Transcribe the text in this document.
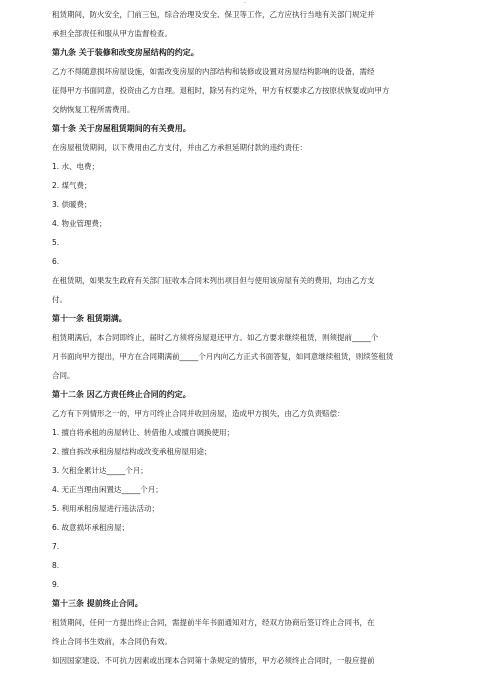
·
租赁期间，防火安全，门前三包，综合治理及安全、保卫等工作，乙方应执行当地有关部门规定并
承担全部责任和服从甲方监督检查。
第九条 关于装修和改变房屋结构的约定。
乙方不得随意损坏房屋设施，如需改变房屋的内部结构和装修或设置对房屋结构影响的设备，需经
征得甲方书面同意，投资由乙方自理。退租时，除另有约定外，甲方有权要求乙方按原状恢复或向甲方
交纳恢复工程所需费用。
第十条 关于房屋租赁期间的有关费用。
在房屋租赁期间，以下费用由乙方支付，并由乙方承担延期付款的违约责任：
1. 水、电费；
2. 煤气费；
3. 供暖费；
4. 物业管理费；
5.
6.
在租赁期，如果发生政府有关部门征收本合同未列出项目但与使用该房屋有关的费用，均由乙方支
付。
第十一条 租赁期满。
租赁期满后，本合同即终止，届时乙方须将房屋退还甲方。如乙方要求继续租赁，则须提前_____个
月书面向甲方提出，甲方在合同期满前_____个月内向乙方正式书面答复，如同意继续租赁，则续签租赁
合同。
第十二条 因乙方责任终止合同的约定。
乙方有下列情形之一的，甲方可终止合同并收回房屋，造成甲方损失，由乙方负责赔偿：
1. 擅自将承租的房屋转让、转借他人或擅自调换使用；
2. 擅自拆改承租房屋结构或改变承租房屋用途；
3. 欠租金累计达_____个月；
4. 无正当理由闲置达_____个月；
5. 利用承租房屋进行违法活动；
6. 故意损坏承租房屋；
7.
8.
9.
第十三条 提前终止合同。
租赁期间，任何一方提出终止合同，需提前半年书面通知对方，经双方协商后签订终止合同书，在
终止合同书生效前，本合同仍有效。
如因国家建设、不可抗力因素或出现本合同第十条规定的情形，甲方必须终止合同时，一般应提前
